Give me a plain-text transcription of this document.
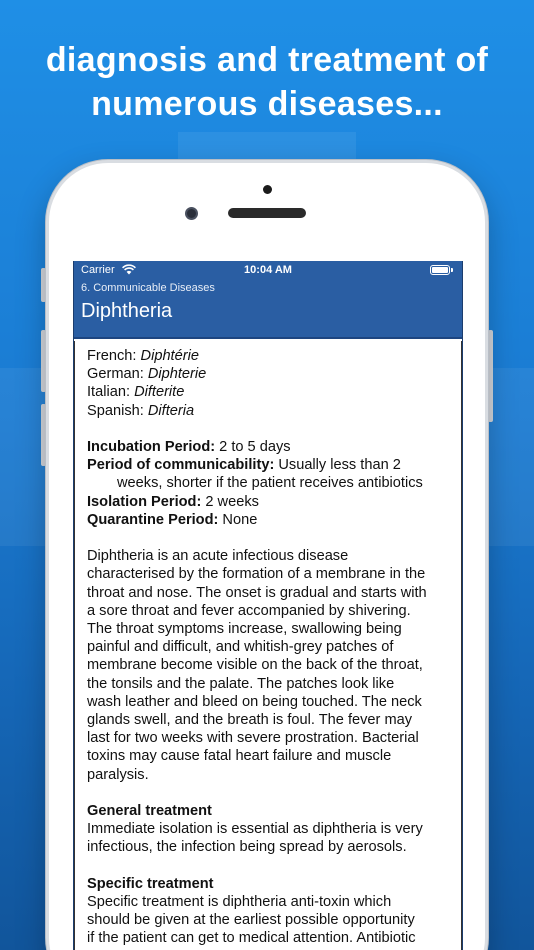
diagnosis and treatment of
numerous diseases...
Carrier	10:04 AM
6. Communicable Diseases
Diphtheria
French: Diphtérie
German: Diphterie
Italian: Difterite
Spanish: Difteria
Incubation Period: 2 to 5 days
Period of communicability: Usually less than 2
weeks, shorter if the patient receives antibiotics
Isolation Period: 2 weeks
Quarantine Period: None
Diphtheria is an acute infectious disease
characterised by the formation of a membrane in the
throat and nose. The onset is gradual and starts with
a sore throat and fever accompanied by shivering.
The throat symptoms increase, swallowing being
painful and difficult, and whitish-grey patches of
membrane become visible on the back of the throat,
the tonsils and the palate. The patches look like
wash leather and bleed on being touched. The neck
glands swell, and the breath is foul. The fever may
last for two weeks with severe prostration. Bacterial
toxins may cause fatal heart failure and muscle
paralysis.
General treatment
Immediate isolation is essential as diphtheria is very
infectious, the infection being spread by aerosols.
Specific treatment
Specific treatment is diphtheria anti-toxin which
should be given at the earliest possible opportunity
if the patient can get to medical attention. Antibiotic
